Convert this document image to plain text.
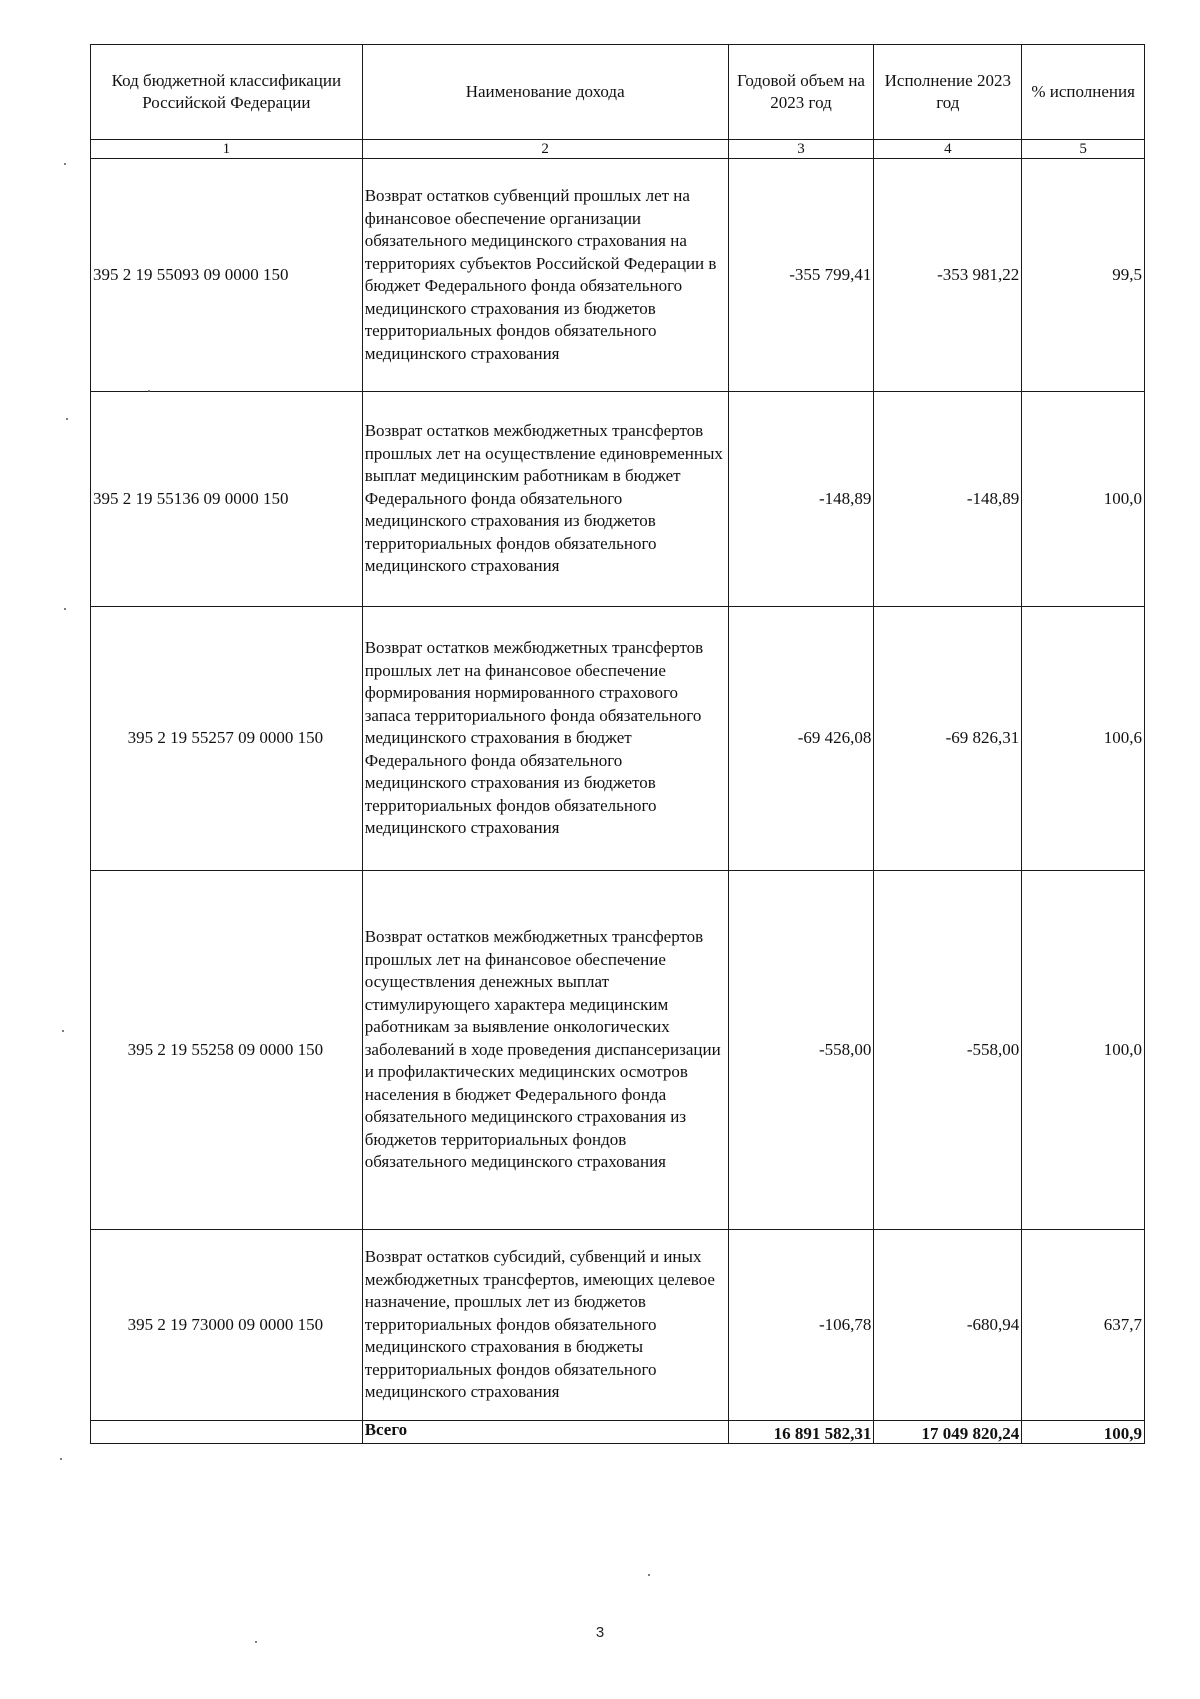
Код бюджетной классификации Российской Федерации	Наименование дохода	Годовой объем на 2023 год	Исполнение 2023 год	% исполнения
1	2	3	4	5
395 2 19 55093 09 0000 150	Возврат остатков субвенций прошлых лет на финансовое обеспечение организации обязательного медицинского страхования на территориях субъектов Российской Федерации в бюджет Федерального фонда обязательного медицинского страхования из бюджетов территориальных фондов обязательного медицинского страхования	-355 799,41	-353 981,22	99,5
395 2 19 55136 09 0000 150	Возврат остатков межбюджетных трансфертов прошлых лет на осуществление единовременных выплат медицинским работникам в бюджет Федерального фонда обязательного медицинского страхования из бюджетов территориальных фондов обязательного медицинского страхования	-148,89	-148,89	100,0
395 2 19 55257 09 0000 150	Возврат остатков межбюджетных трансфертов прошлых лет на финансовое обеспечение формирования нормированного страхового запаса территориального фонда обязательного медицинского страхования в бюджет Федерального фонда обязательного медицинского страхования из бюджетов территориальных фондов обязательного медицинского страхования	-69 426,08	-69 826,31	100,6
395 2 19 55258 09 0000 150	Возврат остатков межбюджетных трансфертов прошлых лет на финансовое обеспечение осуществления денежных выплат стимулирующего характера медицинским работникам за выявление онкологических заболеваний в ходе проведения диспансеризации и профилактических медицинских осмотров населения в бюджет Федерального фонда обязательного медицинского страхования из бюджетов территориальных фондов обязательного медицинского страхования	-558,00	-558,00	100,0
395 2 19 73000 09 0000 150	Возврат остатков субсидий, субвенций и иных межбюджетных трансфертов, имеющих целевое назначение, прошлых лет из бюджетов территориальных фондов обязательного медицинского страхования в бюджеты территориальных фондов обязательного медицинского страхования	-106,78	-680,94	637,7
	Всего	16 891 582,31	17 049 820,24	100,9
3
